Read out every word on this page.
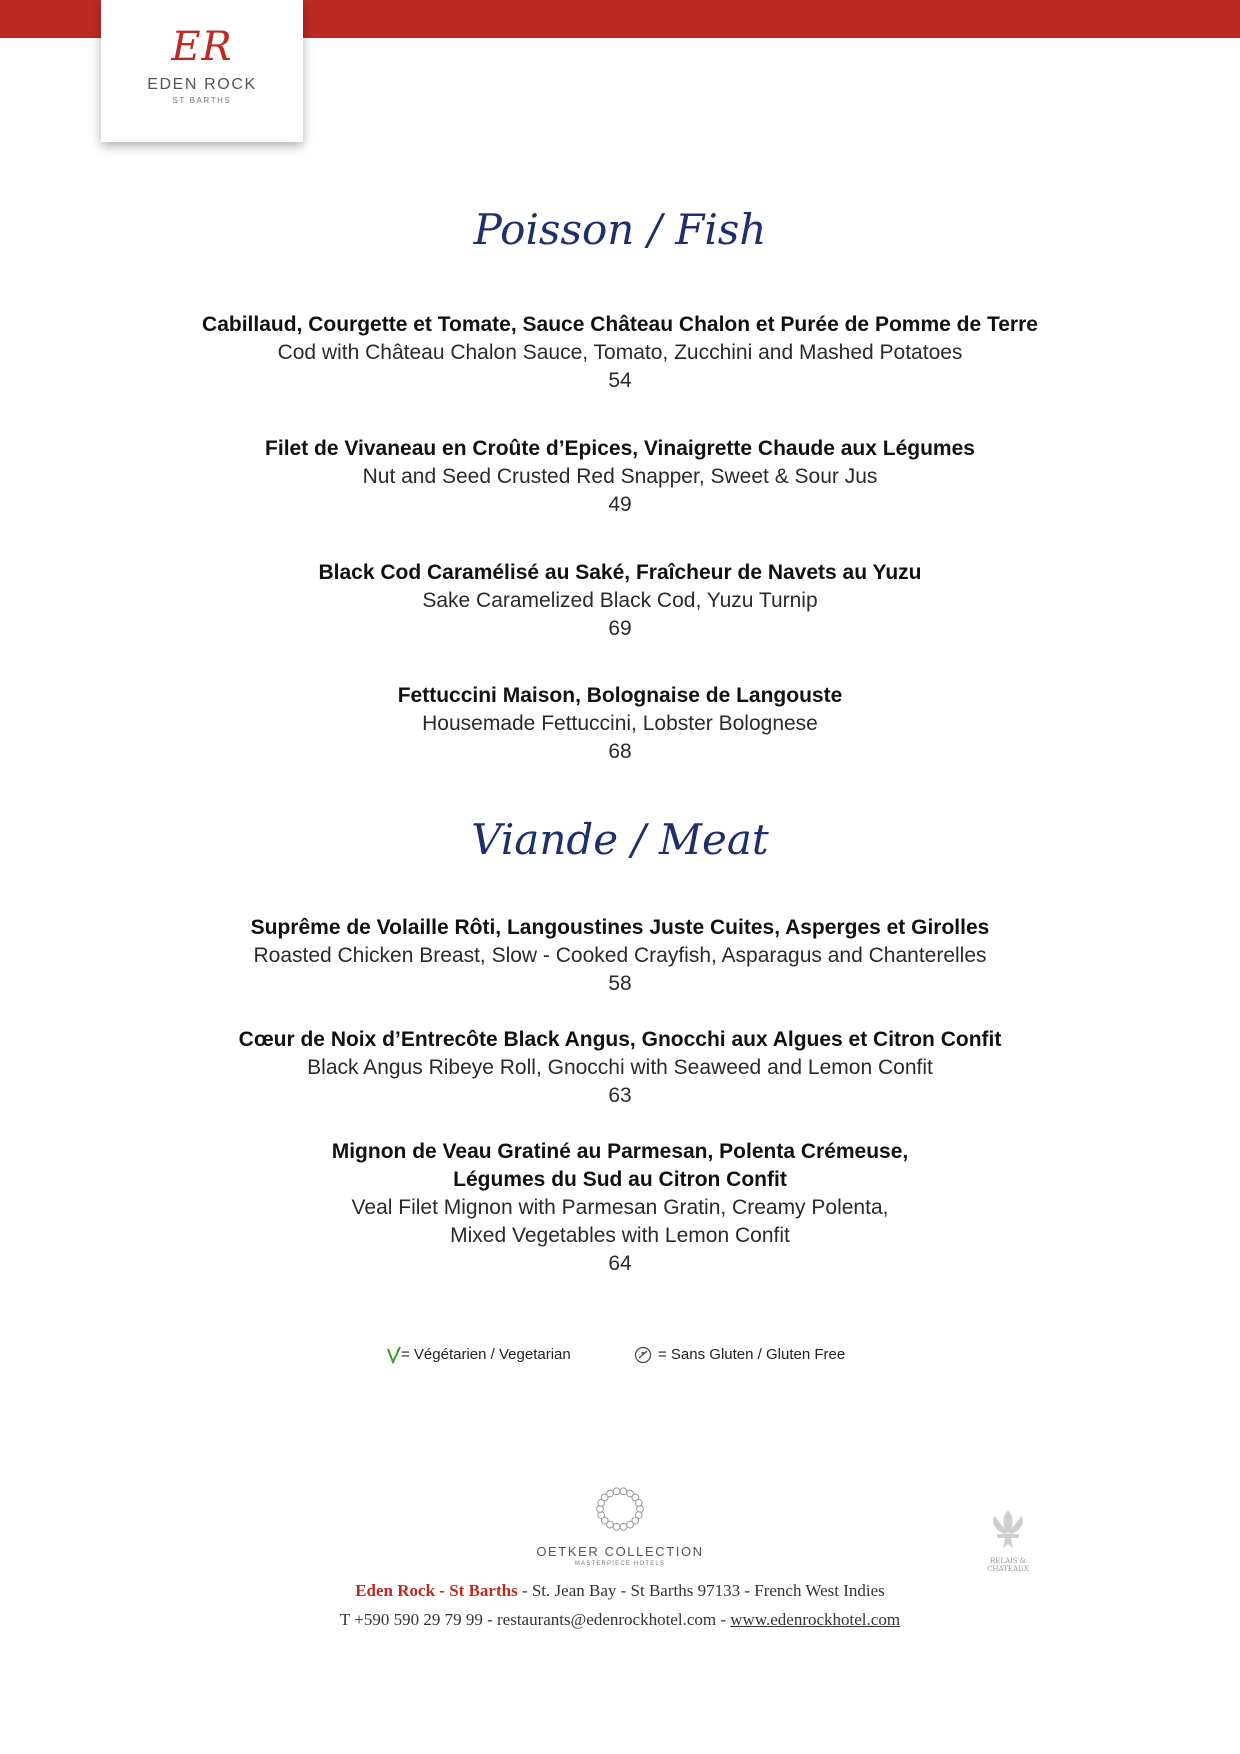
ER
EDEN ROCK
ST BARTHS
Poisson / Fish
Cabillaud, Courgette et Tomate, Sauce Château Chalon et Purée de Pomme de Terre
Cod with Château Chalon Sauce, Tomato, Zucchini and Mashed Potatoes
54
Filet de Vivaneau en Croûte d’Epices, Vinaigrette Chaude aux Légumes
Nut and Seed Crusted Red Snapper, Sweet & Sour Jus
49
Black Cod Caramélisé au Saké, Fraîcheur de Navets au Yuzu
Sake Caramelized Black Cod, Yuzu Turnip
69
Fettuccini Maison, Bolognaise de Langouste
Housemade Fettuccini, Lobster Bolognese
68
Viande / Meat
Suprême de Volaille Rôti, Langoustines Juste Cuites, Asperges et Girolles
Roasted Chicken Breast, Slow - Cooked Crayfish, Asparagus and Chanterelles
58
Cœur de Noix d’Entrecôte Black Angus, Gnocchi aux Algues et Citron Confit
Black Angus Ribeye Roll, Gnocchi with Seaweed and Lemon Confit
63
Mignon de Veau Gratiné au Parmesan, Polenta Crémeuse,
Légumes du Sud au Citron Confit
Veal Filet Mignon with Parmesan Gratin, Creamy Polenta,
Mixed Vegetables with Lemon Confit
64
= Végétarien / Vegetarian	= Sans Gluten / Gluten Free
OETKER COLLECTION
MASTERPIECE HOTELS	RELAIS &
CHATEAUX
Eden Rock - St Barths - St. Jean Bay - St Barths 97133 - French West Indies
T +590 590 29 79 99 - restaurants@edenrockhotel.com - www.edenrockhotel.com
